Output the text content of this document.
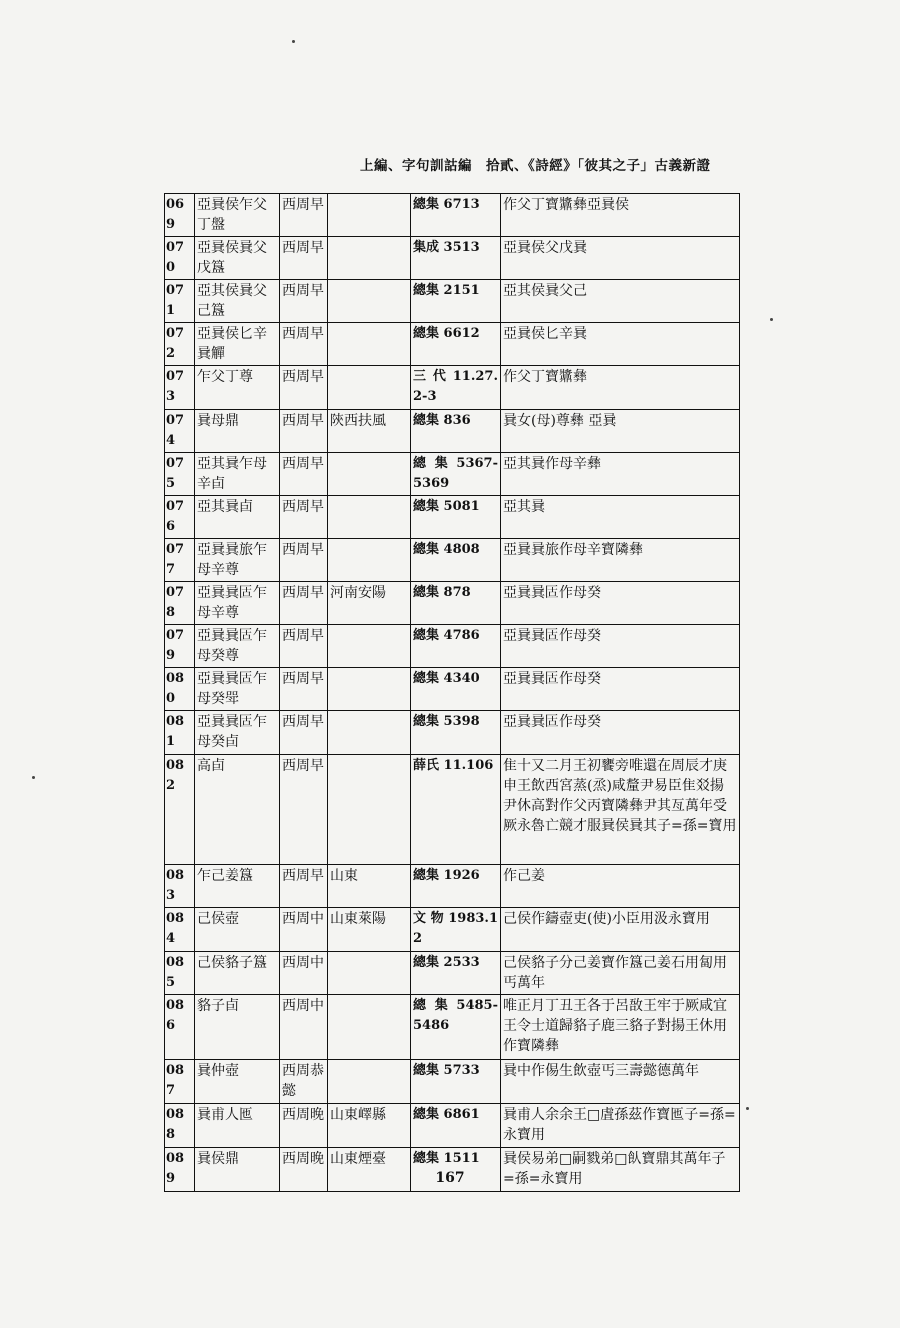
上編、字句訓詁編　拾貳、《詩經》「彼其之子」古義新證
069	亞㠱侯乍父丁盤	西周早		總集 6713	作父丁寶䵼彝亞㠱侯
070	亞㠱侯㠱父戊簋	西周早		集成 3513	亞㠱侯父戊㠱
071	亞其侯㠱父己簋	西周早		總集 2151	亞其侯㠱父己
072	亞㠱侯匕辛㠱觶	西周早		總集 6612	亞㠱侯匕辛㠱
073	乍父丁尊	西周早		三 代 11.27.2-3	作父丁寶䵼彝
074	㠱母鼎	西周早	陝西扶風	總集 836	㠱女(母)尊彝 亞㠱
075	亞其㠱乍母辛卣	西周早		總 集 5367-5369	亞其㠱作母辛彝
076	亞其㠱卣	西周早		總集 5081	亞其㠱
077	亞㠱㠱旅乍母辛尊	西周早		總集 4808	亞㠱㠱旅作母辛寶隣彝
078	亞㠱㠱𠤳乍母辛尊	西周早	河南安陽	總集 878	亞㠱㠱𠤳作母癸
079	亞㠱㠱𠤳乍母癸尊	西周早		總集 4786	亞㠱㠱𠤳作母癸
080	亞㠱㠱𠤳乍母癸斝	西周早		總集 4340	亞㠱㠱𠤳作母癸
081	亞㠱㠱𠤳乍母癸卣	西周早		總集 5398	亞㠱㠱𠤳作母癸
082	高卣	西周早		薛氏 11.106	隹十又二月王初饔旁唯還在周辰才庚申王飲西宮蒸(烝)咸釐尹易臣隹㸚揚尹休高對作父丙寶隣彝尹其亙萬年受厥永魯亡競才服㠱侯㠱其子=孫=寶用
083	乍己姜簋	西周早	山東	總集 1926	作己姜
084	己侯壺	西周中	山東萊陽	文 物 1983.12	己侯作鑄壺吏(使)小臣用汲永寶用
085	己侯貉子簋	西周中		總集 2533	己侯貉子分己姜寶作簋己姜石用匐用丐萬年
086	貉子卣	西周中		總 集 5485-5486	唯正月丁丑王各于呂敔王牢于厥咸宜王令士道歸貉子鹿三貉子對揚王休用作寶隣彝
087	㠱仲壺	西周恭懿		總集 5733	㠱中作㑥生飲壺丐三壽懿德萬年
088	㠱甫人匜	西周晚	山東嶧縣	總集 6861	㠱甫人余余王□虘孫茲作寶匜子=孫=永寶用
089	㠱侯鼎	西周晚	山東煙臺	總集 1511	㠱侯易弟□嗣戮弟□飤寶鼎其萬年子=孫=永寶用
167
